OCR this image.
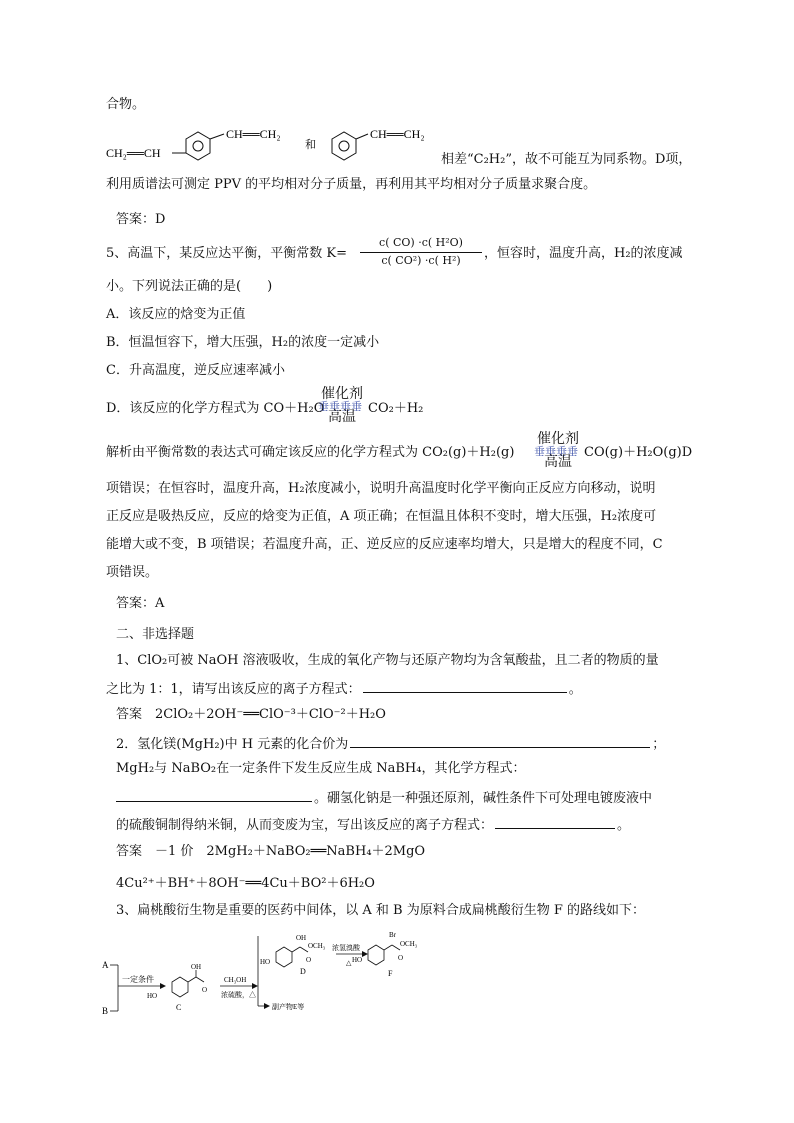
合物。

CH₂══CH
CH══CH₂
和
CH══CH₂

相差“C₂H₂”，故不可能互为同系物。D项，

利用质谱法可测定 PPV 的平均相对分子质量，再利用其平均相对分子质量求聚合度。

答案：D

5、高温下，某反应达平衡，平衡常数 K=

c( CO) ·c( H²O)
c( CO²) ·c( H²)	，恒容时，温度升高，H₂的浓度减

小。下列说法正确的是(　　)

A．该反应的焓变为正值

B．恒温恒容下，增大压强，H₂的浓度一定减小

C．升高温度，逆反应速率减小

D．该反应的化学方程式为 CO＋H₂O

催化剂
垂垂垂垂
高温

CO₂＋H₂

解析由平衡常数的表达式可确定该反应的化学方程式为 CO₂(g)＋H₂(g)

催化剂
垂垂垂垂
高温

CO(g)＋H₂O(g)D

项错误；在恒容时，温度升高，H₂浓度减小，说明升高温度时化学平衡向正反应方向移动，说明

正反应是吸热反应，反应的焓变为正值，A 项正确；在恒温且体积不变时，增大压强，H₂浓度可

能增大或不变，B 项错误；若温度升高，正、逆反应的反应速率均增大，只是增大的程度不同，C

项错误。

答案：A

二、非选择题

1、ClO₂可被 NaOH 溶液吸收，生成的氧化产物与还原产物均为含氧酸盐，且二者的物质的量

之比为 1：1，请写出该反应的离子方程式：	。

答案　2ClO₂＋2OH⁻══ClO⁻³＋ClO⁻²＋H₂O

2．氢化镁(MgH₂)中 H 元素的化合价为	；

MgH₂与 NaBO₂在一定条件下发生反应生成 NaBH₄，其化学方程式：

。硼氢化钠是一种强还原剂，碱性条件下可处理电镀废液中

的硫酸铜制得纳米铜，从而变废为宝，写出该反应的离子方程式：	。

答案　－1 价　2MgH₂＋NaBO₂══NaBH₄＋2MgO

4Cu²⁺＋BH⁺＋8OH⁻══4Cu＋BO²＋6H₂O

3、扁桃酸衍生物是重要的医药中间体，以 A 和 B 为原料合成扁桃酸衍生物 F 的路线如下：

A
B
一定条件
HO
OH
O
C
CH₃OH
浓硫酸，△
副产物E等
HO
OH
OCH₃
O
D
浓氢溴酸
△ HO
Br
OCH₃
O
F
